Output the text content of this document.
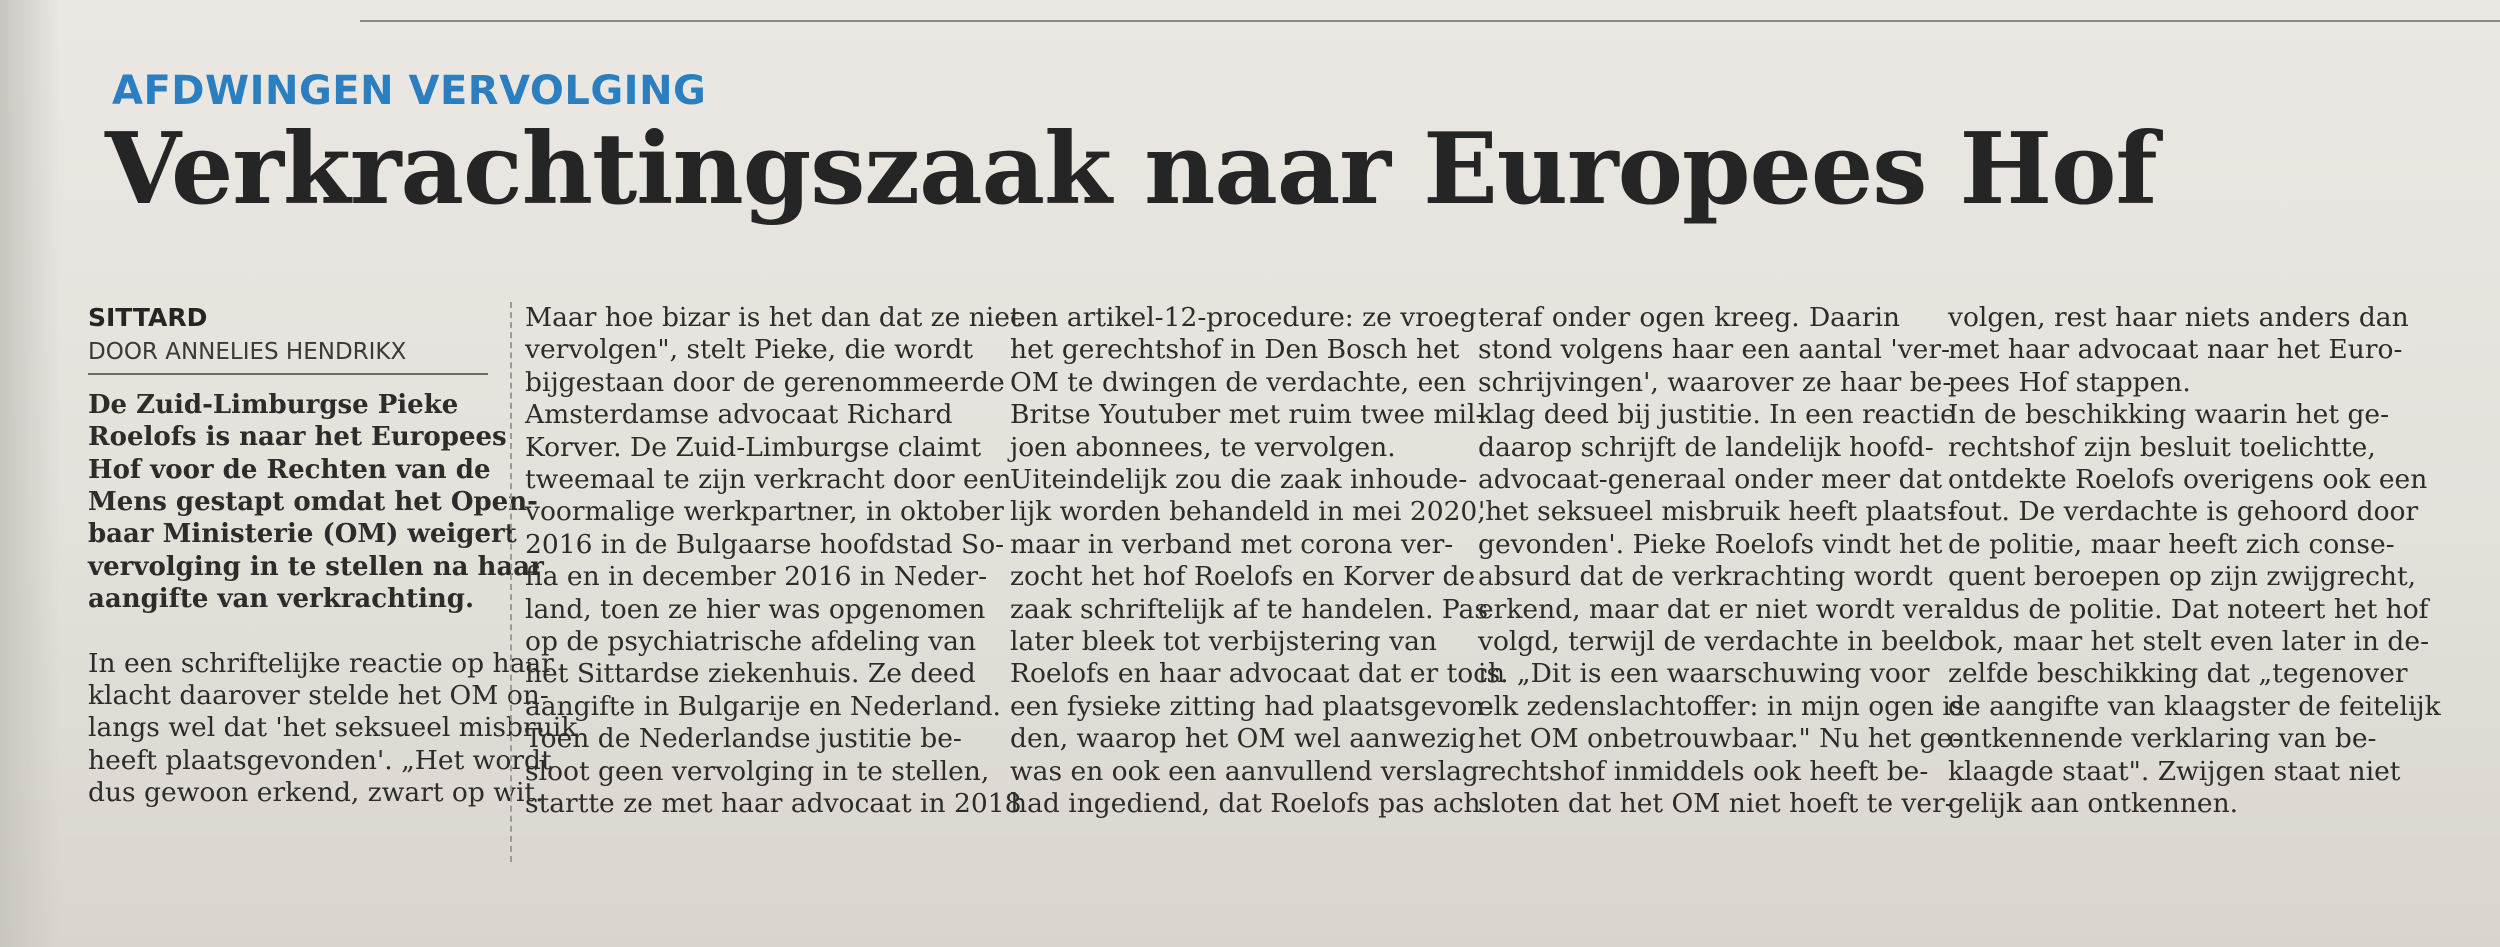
AFDWINGEN VERVOLGING
Verkrachtingszaak naar Europees Hof
SITTARD
DOOR ANNELIES HENDRIKX

De Zuid-Limburgse Pieke
Roelofs is naar het Europees
Hof voor de Rechten van de
Mens gestapt omdat het Open-
baar Ministerie (OM) weigert
vervolging in te stellen na haar
aangifte van verkrachting.

In een schriftelijke reactie op haar
klacht daarover stelde het OM on-
langs wel dat 'het seksueel misbruik
heeft plaatsgevonden'. „Het wordt
dus gewoon erkend, zwart op wit.

Maar hoe bizar is het dan dat ze niet
vervolgen", stelt Pieke, die wordt
bijgestaan door de gerenommeerde
Amsterdamse advocaat Richard
Korver. De Zuid-Limburgse claimt
tweemaal te zijn verkracht door een
voormalige werkpartner, in oktober
2016 in de Bulgaarse hoofdstad So-
fia en in december 2016 in Neder-
land, toen ze hier was opgenomen
op de psychiatrische afdeling van
het Sittardse ziekenhuis. Ze deed
aangifte in Bulgarije en Nederland.
Toen de Nederlandse justitie be-
sloot geen vervolging in te stellen,
startte ze met haar advocaat in 2018

een artikel-12-procedure: ze vroeg
het gerechtshof in Den Bosch het
OM te dwingen de verdachte, een
Britse Youtuber met ruim twee mil-
joen abonnees, te vervolgen.
Uiteindelijk zou die zaak inhoude-
lijk worden behandeld in mei 2020,
maar in verband met corona ver-
zocht het hof Roelofs en Korver de
zaak schriftelijk af te handelen. Pas
later bleek tot verbijstering van
Roelofs en haar advocaat dat er toch
een fysieke zitting had plaatsgevon-
den, waarop het OM wel aanwezig
was en ook een aanvullend verslag
had ingediend, dat Roelofs pas ach-

teraf onder ogen kreeg. Daarin
stond volgens haar een aantal 'ver-
schrijvingen', waarover ze haar be-
klag deed bij justitie. In een reactie
daarop schrijft de landelijk hoofd-
advocaat-generaal onder meer dat
'het seksueel misbruik heeft plaats-
gevonden'. Pieke Roelofs vindt het
absurd dat de verkrachting wordt
erkend, maar dat er niet wordt ver-
volgd, terwijl de verdachte in beeld
is. „Dit is een waarschuwing voor
elk zedenslachtoffer: in mijn ogen is
het OM onbetrouwbaar." Nu het ge-
rechtshof inmiddels ook heeft be-
sloten dat het OM niet hoeft te ver-

volgen, rest haar niets anders dan
met haar advocaat naar het Euro-
pees Hof stappen.
In de beschikking waarin het ge-
rechtshof zijn besluit toelichtte,
ontdekte Roelofs overigens ook een
fout. De verdachte is gehoord door
de politie, maar heeft zich conse-
quent beroepen op zijn zwijgrecht,
aldus de politie. Dat noteert het hof
ook, maar het stelt even later in de-
zelfde beschikking dat „tegenover
de aangifte van klaagster de feitelijk
ontkennende verklaring van be-
klaagde staat". Zwijgen staat niet
gelijk aan ontkennen.
